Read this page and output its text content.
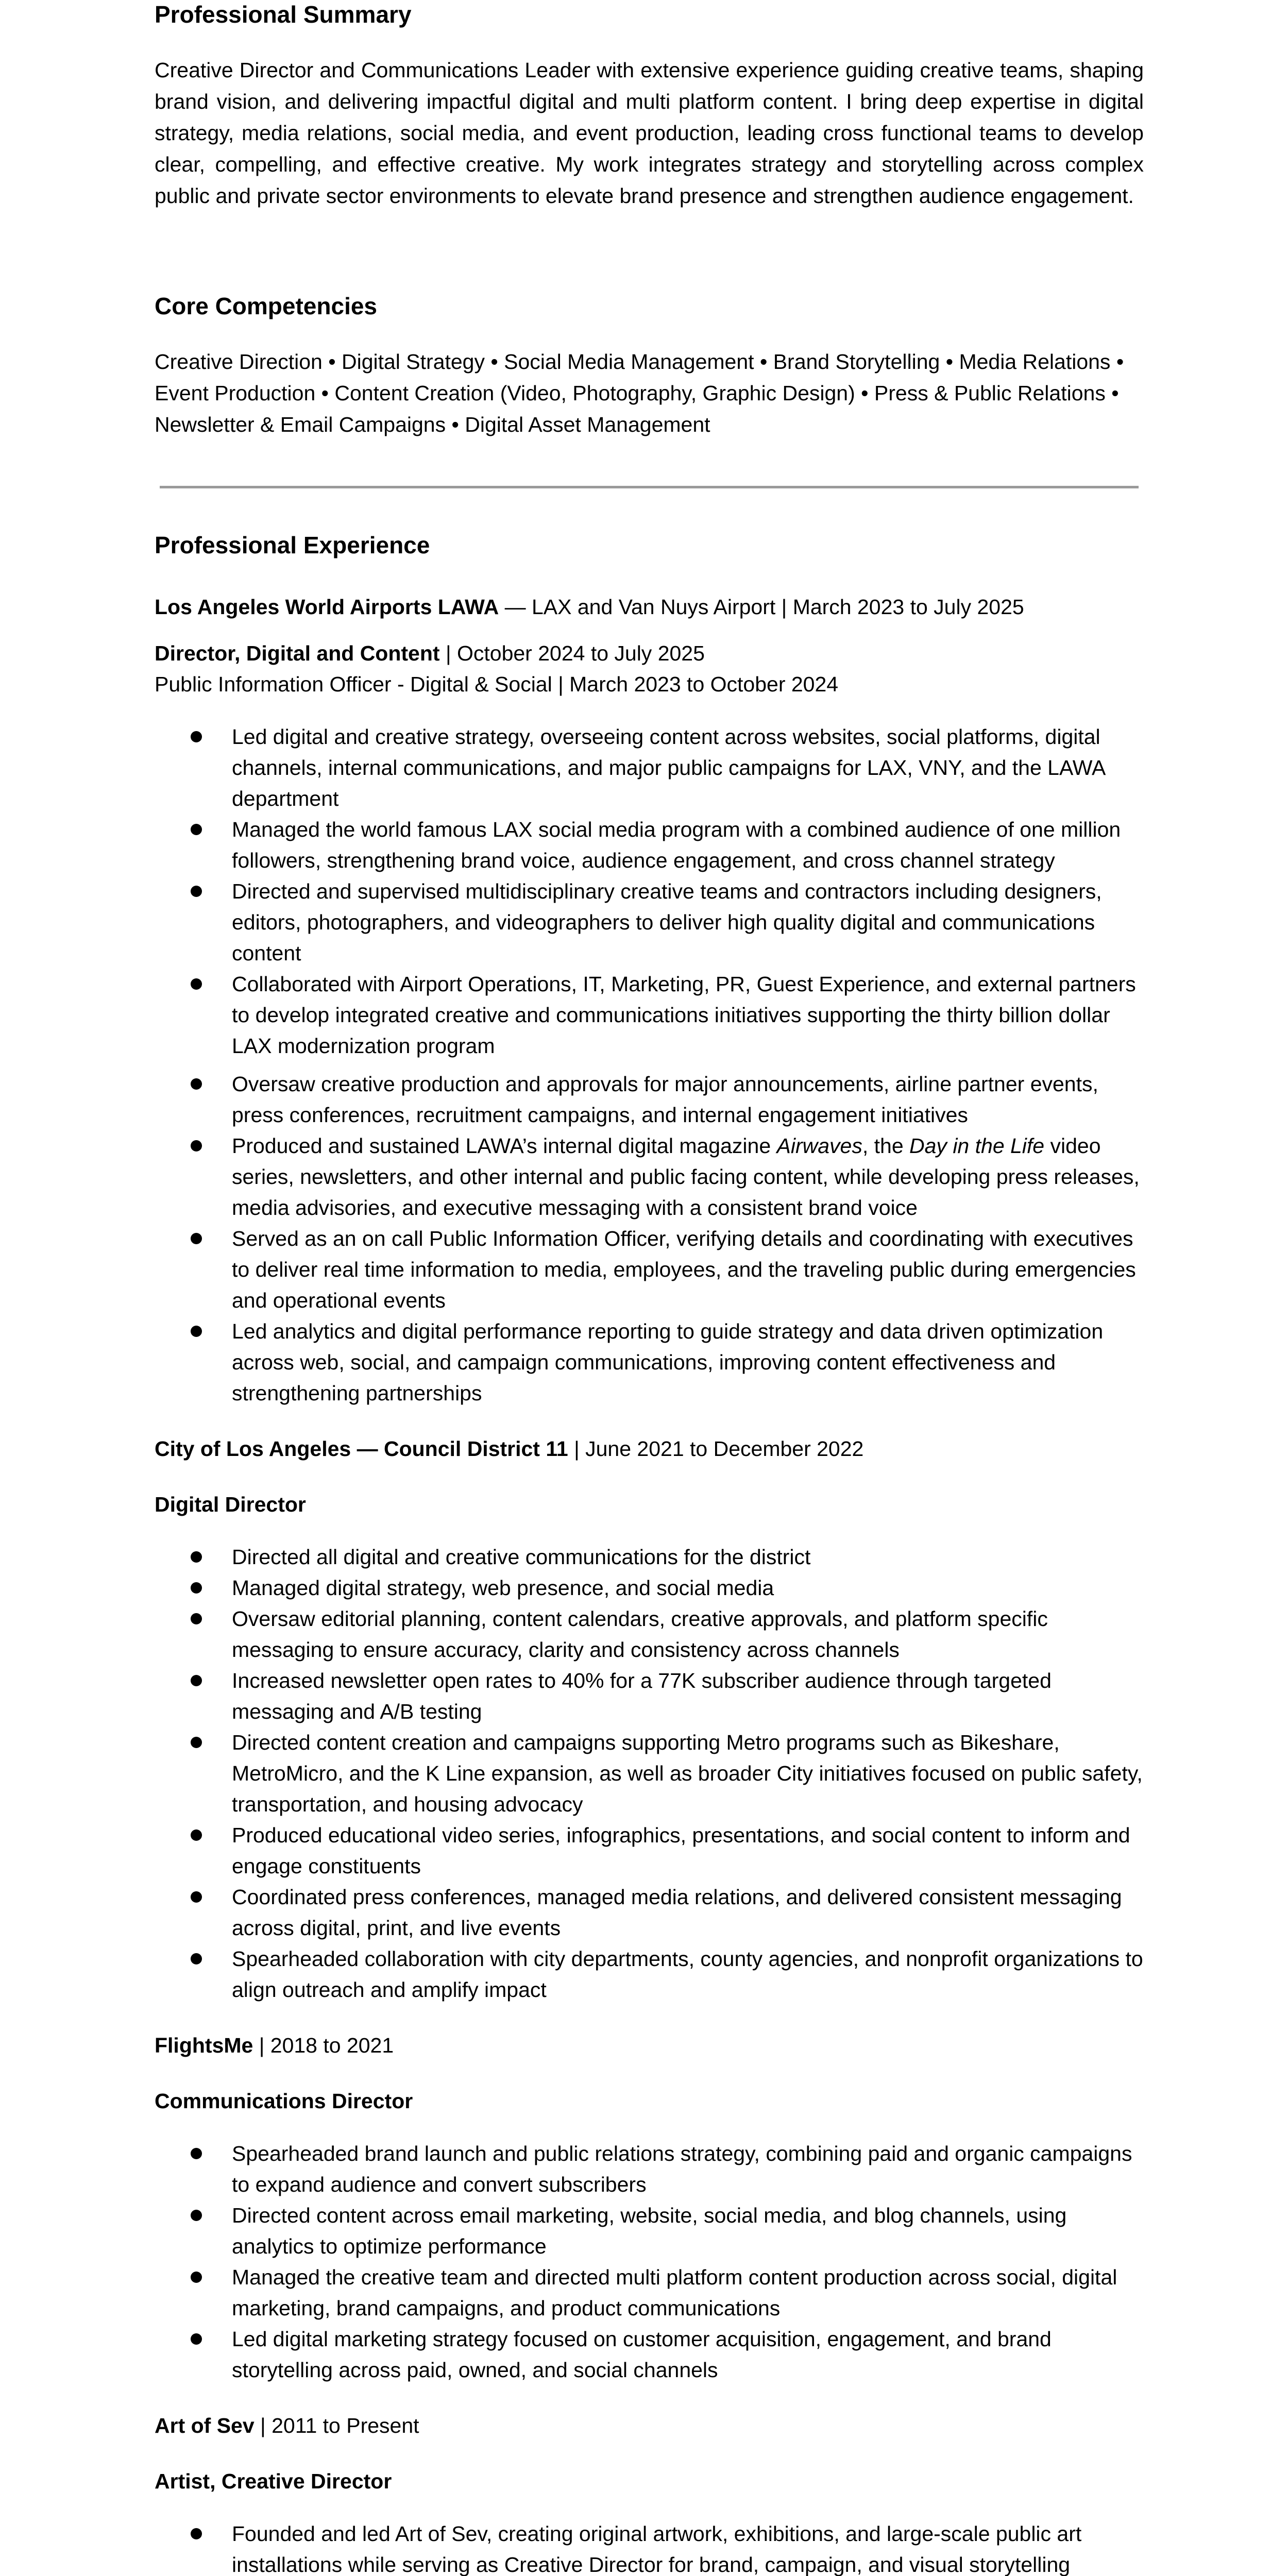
Professional Summary

Creative Director and Communications Leader with extensive experience guiding creative teams, shaping brand vision, and delivering impactful digital and multi platform content. I bring deep expertise in digital strategy, media relations, social media, and event production, leading cross functional teams to develop clear, compelling, and effective creative. My work integrates strategy and storytelling across complex public and private sector environments to elevate brand presence and strengthen audience engagement.

Core Competencies

Creative Direction • Digital Strategy • Social Media Management • Brand Storytelling • Media Relations • Event Production • Content Creation (Video, Photography, Graphic Design) • Press & Public Relations • Newsletter & Email Campaigns • Digital Asset Management

Professional Experience

Los Angeles World Airports LAWA — LAX and Van Nuys Airport | March 2023 to July 2025

Director, Digital and Content | October 2024 to July 2025

Public Information Officer - Digital & Social | March 2023 to October 2024

Led digital and creative strategy, overseeing content across websites, social platforms, digital channels, internal communications, and major public campaigns for LAX, VNY, and the LAWA department
Managed the world famous LAX social media program with a combined audience of one million followers, strengthening brand voice, audience engagement, and cross channel strategy
Directed and supervised multidisciplinary creative teams and contractors including designers, editors, photographers, and videographers to deliver high quality digital and communications content
Collaborated with Airport Operations, IT, Marketing, PR, Guest Experience, and external partners to develop integrated creative and communications initiatives supporting the thirty billion dollar LAX modernization program
Oversaw creative production and approvals for major announcements, airline partner events, press conferences, recruitment campaigns, and internal engagement initiatives
Produced and sustained LAWA’s internal digital magazine Airwaves, the Day in the Life video series, newsletters, and other internal and public facing content, while developing press releases, media advisories, and executive messaging with a consistent brand voice
Served as an on call Public Information Officer, verifying details and coordinating with executives to deliver real time information to media, employees, and the traveling public during emergencies and operational events
Led analytics and digital performance reporting to guide strategy and data driven optimization across web, social, and campaign communications, improving content effectiveness and strengthening partnerships

City of Los Angeles — Council District 11 | June 2021 to December 2022

Digital Director

Directed all digital and creative communications for the district
Managed digital strategy, web presence, and social media
Oversaw editorial planning, content calendars, creative approvals, and platform specific messaging to ensure accuracy, clarity and consistency across channels
Increased newsletter open rates to 40% for a 77K subscriber audience through targeted messaging and A/B testing
Directed content creation and campaigns supporting Metro programs such as Bikeshare, MetroMicro, and the K Line expansion, as well as broader City initiatives focused on public safety, transportation, and housing advocacy
Produced educational video series, infographics, presentations, and social content to inform and engage constituents
Coordinated press conferences, managed media relations, and delivered consistent messaging across digital, print, and live events
Spearheaded collaboration with city departments, county agencies, and nonprofit organizations to align outreach and amplify impact

FlightsMe | 2018 to 2021

Communications Director

Spearheaded brand launch and public relations strategy, combining paid and organic campaigns to expand audience and convert subscribers
Directed content across email marketing, website, social media, and blog channels, using analytics to optimize performance
Managed the creative team and directed multi platform content production across social, digital marketing, brand campaigns, and product communications
Led digital marketing strategy focused on customer acquisition, engagement, and brand storytelling across paid, owned, and social channels

Art of Sev | 2011 to Present

Artist, Creative Director

Founded and led Art of Sev, creating original artwork, exhibitions, and large-scale public art installations while serving as Creative Director for brand, campaign, and visual storytelling
